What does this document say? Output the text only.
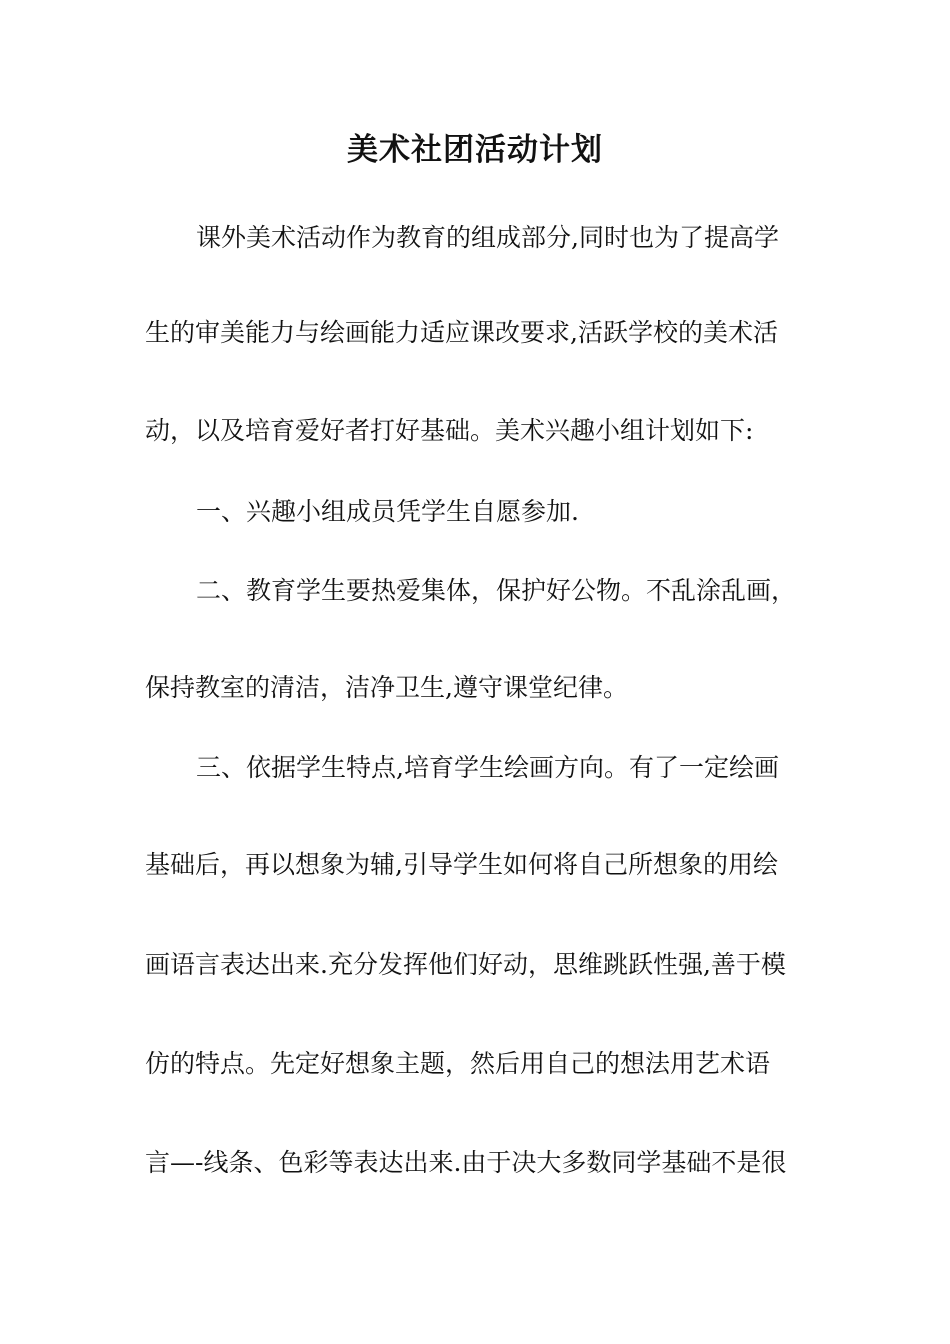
美术社团活动计划
课外美术活动作为教育的组成部分,同时也为了提高学
生的审美能力与绘画能力适应课改要求,活跃学校的美术活
动，以及培育爱好者打好基础。美术兴趣小组计划如下:
一、兴趣小组成员凭学生自愿参加.
二、教育学生要热爱集体，保护好公物。不乱涂乱画，
保持教室的清洁，洁净卫生,遵守课堂纪律。
三、依据学生特点,培育学生绘画方向。有了一定绘画
基础后，再以想象为辅,引导学生如何将自己所想象的用绘
画语言表达出来.充分发挥他们好动，思维跳跃性强,善于模
仿的特点。先定好想象主题，然后用自己的想法用艺术语
言—-线条、色彩等表达出来.由于决大多数同学基础不是很
